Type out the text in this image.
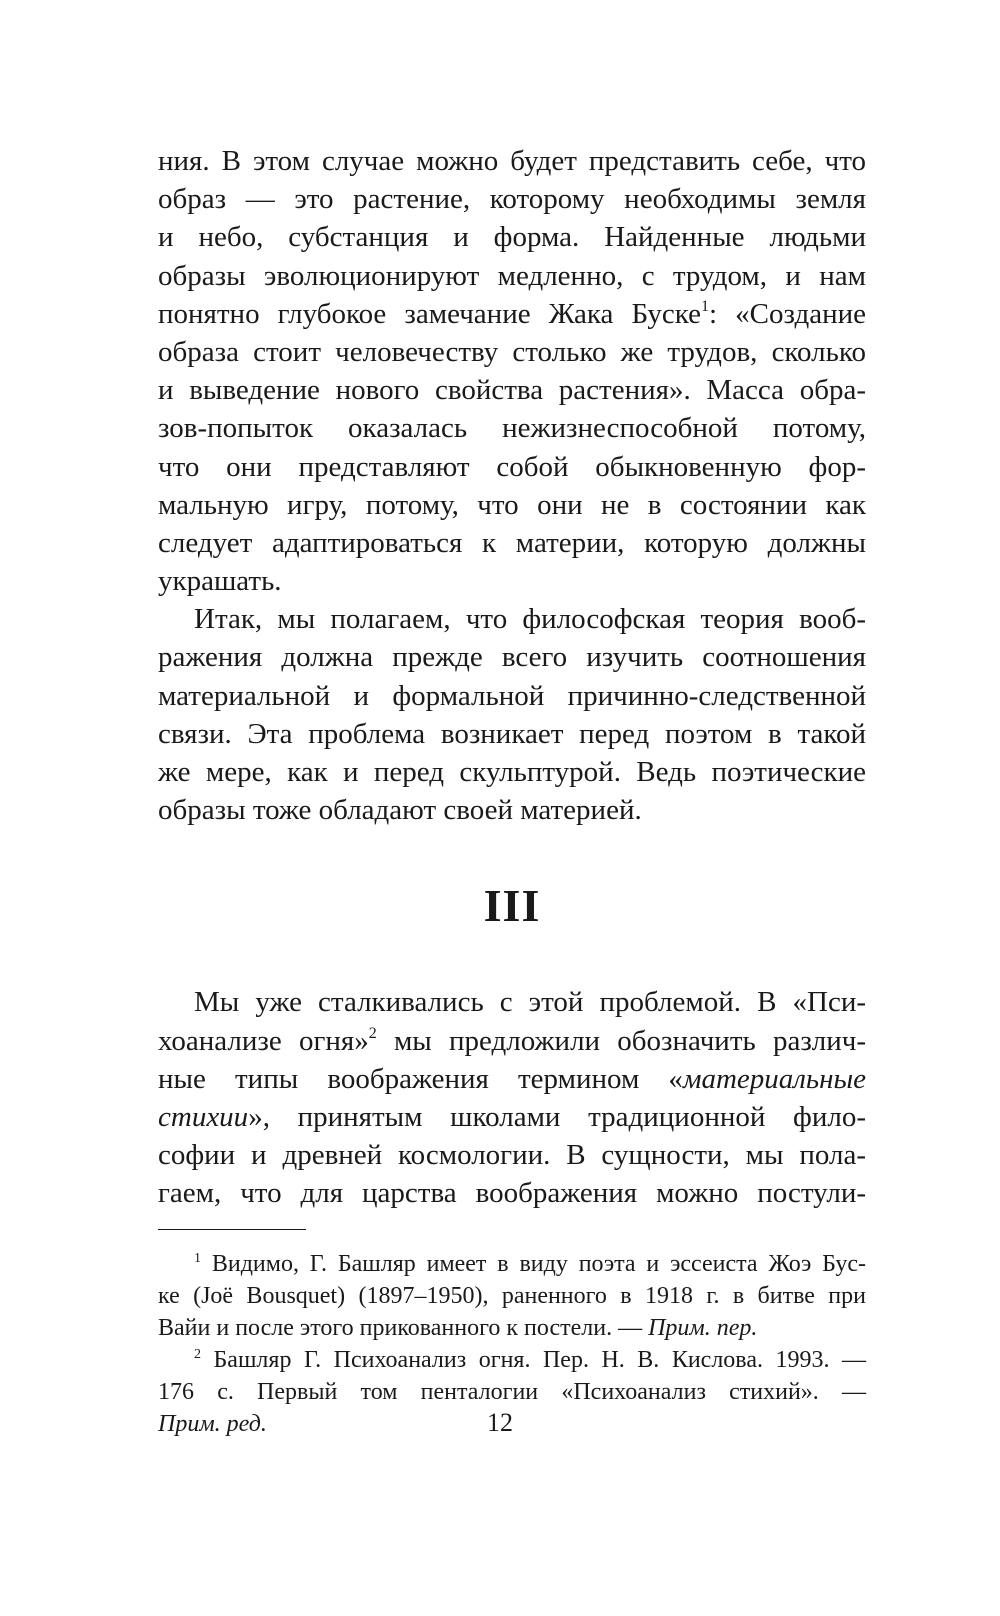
ния. В этом случае можно будет представить себе, что
образ — это растение, которому необходимы земля
и небо, субстанция и форма. Найденные людьми
образы эволюционируют медленно, с трудом, и нам
понятно глубокое замечание Жака Буске$^1$: «Создание
образа стоит человечеству столько же трудов, сколько
и выведение нового свойства растения». Масса обра-
зов-попыток оказалась нежизнеспособной потому,
что они представляют собой обыкновенную фор-
мальную игру, потому, что они не в состоянии как
следует адаптироваться к материи, которую должны
украшать.
Итак, мы полагаем, что философская теория вооб-
ражения должна прежде всего изучить соотношения
материальной и формальной причинно-следственной
связи. Эта проблема возникает перед поэтом в такой
же мере, как и перед скульптурой. Ведь поэтические
образы тоже обладают своей материей.
III
Мы уже сталкивались с этой проблемой. В «Пси-
хоанализе огня»$^2$ мы предложили обозначить различ-
ные типы воображения термином «материальные
стихии», принятым школами традиционной фило-
софии и древней космологии. В сущности, мы пола-
гаем, что для царства воображения можно постули-
$^1$ Видимо, Г. Башляр имеет в виду поэта и эссеиста Жоэ Бус-
ке (Joë Bousquet) (1897–1950), раненного в 1918 г. в битве при
Вайи и после этого прикованного к постели. — Прим. пер.
$^2$ Башляр Г. Психоанализ огня. Пер. Н. В. Кислова. 1993. —
176 с. Первый том пенталогии «Психоанализ стихий». —
Прим. ред.	12
